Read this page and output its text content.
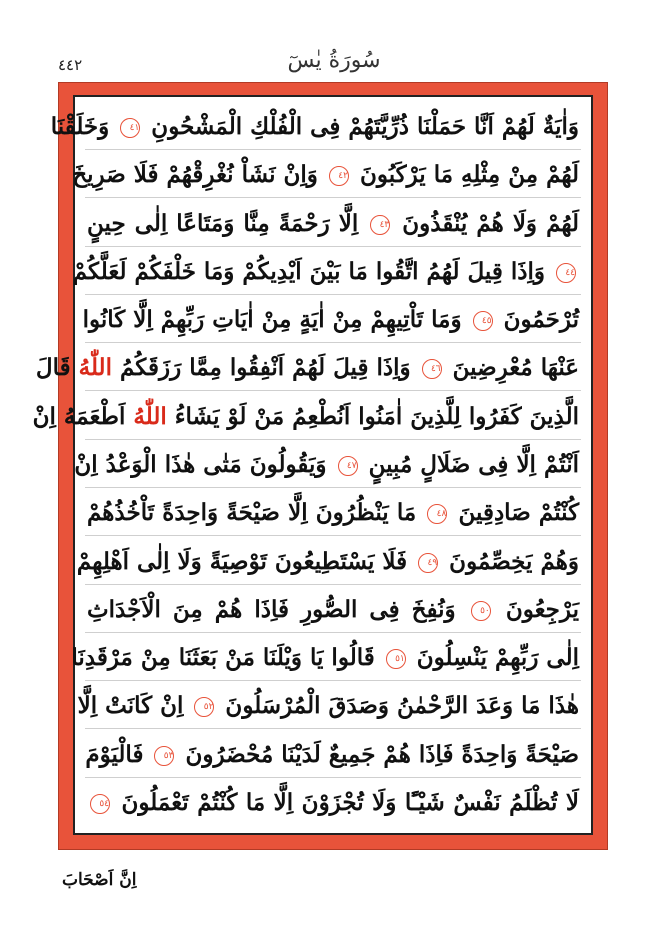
٤٤٢	سُورَةُ يٰسٓ
وَاٰيَةٌ لَهُمْ اَنَّا حَمَلْنَا ذُرِّيَّتَهُمْ فِى الْفُلْكِ الْمَشْحُونِ ٤١ وَخَلَقْنَا
لَهُمْ مِنْ مِثْلِهِ مَا يَرْكَبُونَ ٤٢ وَاِنْ نَشَاْ نُغْرِقْهُمْ فَلَا صَرِيخَ
لَهُمْ وَلَا هُمْ يُنْقَذُونَ ٤٣ اِلَّا رَحْمَةً مِنَّا وَمَتَاعًا اِلٰى حِينٍ
٤٤ وَاِذَا قِيلَ لَهُمُ اتَّقُوا مَا بَيْنَ اَيْدِيكُمْ وَمَا خَلْفَكُمْ لَعَلَّكُمْ
تُرْحَمُونَ ٤٥ وَمَا تَاْتِيهِمْ مِنْ اٰيَةٍ مِنْ اٰيَاتِ رَبِّهِمْ اِلَّا كَانُوا
عَنْهَا مُعْرِضِينَ ٤٦ وَاِذَا قِيلَ لَهُمْ اَنْفِقُوا مِمَّا رَزَقَكُمُ اللّٰهُ قَالَ
الَّذِينَ كَفَرُوا لِلَّذِينَ اٰمَنُوا اَنُطْعِمُ مَنْ لَوْ يَشَاءُ اللّٰهُ اَطْعَمَهُ اِنْ
اَنْتُمْ اِلَّا فِى ضَلَالٍ مُبِينٍ ٤٧ وَيَقُولُونَ مَتٰى هٰذَا الْوَعْدُ اِنْ
كُنْتُمْ صَادِقِينَ ٤٨ مَا يَنْظُرُونَ اِلَّا صَيْحَةً وَاحِدَةً تَاْخُذُهُمْ
وَهُمْ يَخِصِّمُونَ ٤٩ فَلَا يَسْتَطِيعُونَ تَوْصِيَةً وَلَا اِلٰى اَهْلِهِمْ
يَرْجِعُونَ ٥٠ وَنُفِخَ فِى الصُّورِ فَاِذَا هُمْ مِنَ الْاَجْدَاثِ
اِلٰى رَبِّهِمْ يَنْسِلُونَ ٥١ قَالُوا يَا وَيْلَنَا مَنْ بَعَثَنَا مِنْ مَرْقَدِنَا
هٰذَا مَا وَعَدَ الرَّحْمٰنُ وَصَدَقَ الْمُرْسَلُونَ ٥٢ اِنْ كَانَتْ اِلَّا
صَيْحَةً وَاحِدَةً فَاِذَا هُمْ جَمِيعٌ لَدَيْنَا مُحْضَرُونَ ٥٣ فَالْيَوْمَ
لَا تُظْلَمُ نَفْسٌ شَيْـًٔا وَلَا تُجْزَوْنَ اِلَّا مَا كُنْتُمْ تَعْمَلُونَ ٥٤
اِنَّ اَصْحَابَ
